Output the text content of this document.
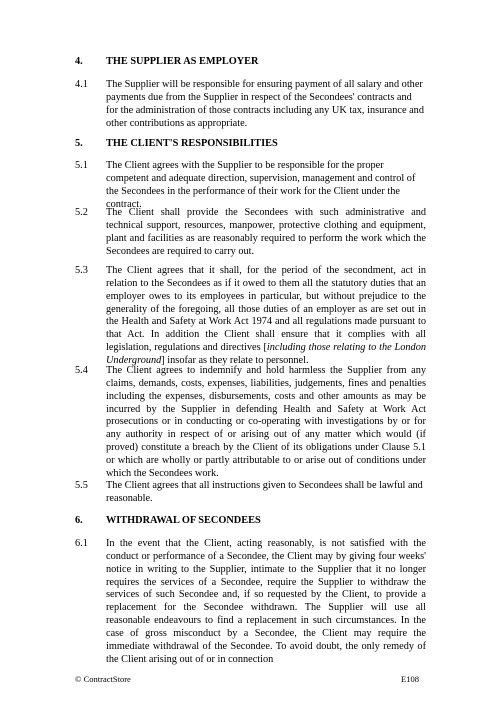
4. THE SUPPLIER AS EMPLOYER
4.1 The Supplier will be responsible for ensuring payment of all salary and other payments due from the Supplier in respect of the Secondees' contracts and for the administration of those contracts including any UK tax, insurance and other contributions as appropriate.
5. THE CLIENT'S RESPONSIBILITIES
5.1 The Client agrees with the Supplier to be responsible for the proper competent and adequate direction, supervision, management and control of the Secondees in the performance of their work for the Client under the contract.
5.2 The Client shall provide the Secondees with such administrative and technical support, resources, manpower, protective clothing and equipment, plant and facilities as are reasonably required to perform the work which the Secondees are required to carry out.
5.3 The Client agrees that it shall, for the period of the secondment, act in relation to the Secondees as if it owed to them all the statutory duties that an employer owes to its employees in particular, but without prejudice to the generality of the foregoing, all those duties of an employer as are set out in the Health and Safety at Work Act 1974 and all regulations made pursuant to that Act. In addition the Client shall ensure that it complies with all legislation, regulations and directives [including those relating to the London Underground] insofar as they relate to personnel.
5.4 The Client agrees to indemnify and hold harmless the Supplier from any claims, demands, costs, expenses, liabilities, judgements, fines and penalties including the expenses, disbursements, costs and other amounts as may be incurred by the Supplier in defending Health and Safety at Work Act prosecutions or in conducting or co-operating with investigations by or for any authority in respect of or arising out of any matter which would (if proved) constitute a breach by the Client of its obligations under Clause 5.1 or which are wholly or partly attributable to or arise out of conditions under which the Secondees work.
5.5 The Client agrees that all instructions given to Secondees shall be lawful and reasonable.
6. WITHDRAWAL OF SECONDEES
6.1 In the event that the Client, acting reasonably, is not satisfied with the conduct or performance of a Secondee, the Client may by giving four weeks' notice in writing to the Supplier, intimate to the Supplier that it no longer requires the services of a Secondee, require the Supplier to withdraw the services of such Secondee and, if so requested by the Client, to provide a replacement for the Secondee withdrawn. The Supplier will use all reasonable endeavours to find a replacement in such circumstances. In the case of gross misconduct by a Secondee, the Client may require the immediate withdrawal of the Secondee. To avoid doubt, the only remedy of the Client arising out of or in connection
© ContractStore	E108
